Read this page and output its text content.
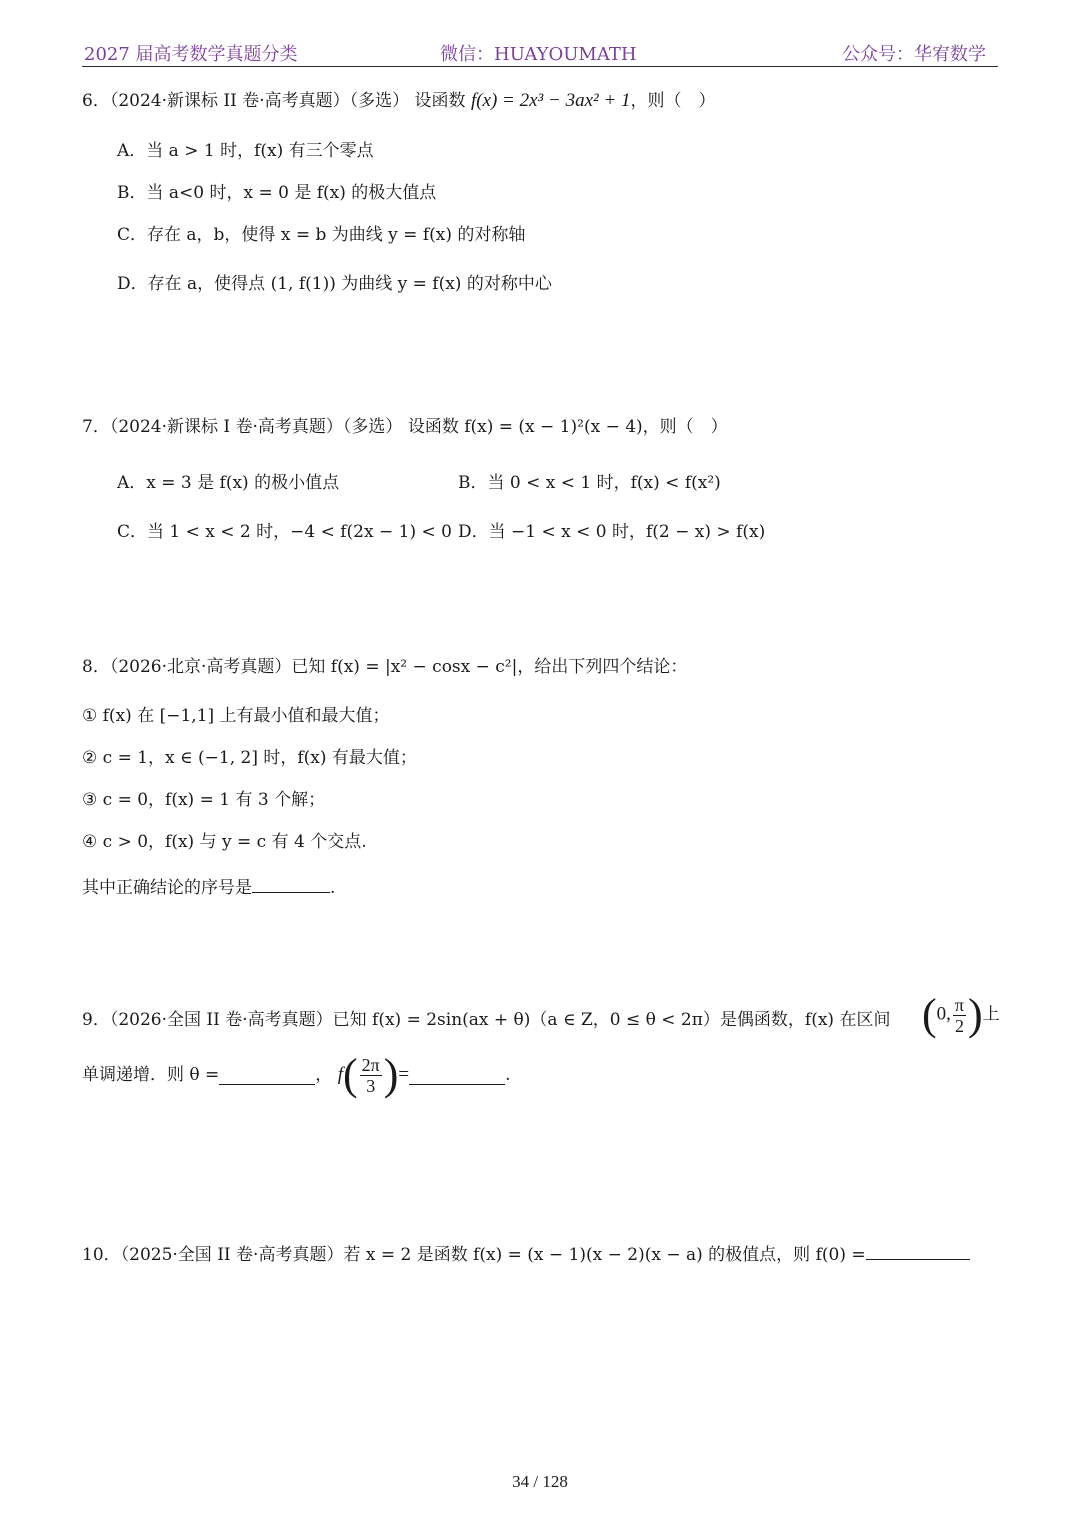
2027 届高考数学真题分类	微信：HUAYOUMATH	公众号：华宥数学
6．（2024·新课标 II 卷·高考真题）（多选） 设函数 f(x) = 2x³ − 3ax² + 1，则（　）
A．当 a > 1 时，f(x) 有三个零点
B．当 a<0 时，x = 0 是 f(x) 的极大值点
C．存在 a，b，使得 x = b 为曲线 y = f(x) 的对称轴
D．存在 a，使得点 (1, f(1)) 为曲线 y = f(x) 的对称中心
7．（2024·新课标 I 卷·高考真题）（多选） 设函数 f(x) = (x − 1)²(x − 4)，则（　）
A．x = 3 是 f(x) 的极小值点	B．当 0 < x < 1 时，f(x) < f(x²)
C．当 1 < x < 2 时，−4 < f(2x − 1) < 0 D．当 −1 < x < 0 时，f(2 − x) > f(x)
8．（2026·北京·高考真题）已知 f(x) = |x² − cosx − c²|，给出下列四个结论：
① f(x) 在 [−1,1] 上有最小值和最大值；
② c = 1，x ∈ (−1, 2] 时，f(x) 有最大值；
③ c = 0，f(x) = 1 有 3 个解；
④ c > 0，f(x) 与 y = c 有 4 个交点.
其中正确结论的序号是	.
9．（2026·全国 II 卷·高考真题）已知 f(x) = 2sin(ax + θ)（a ∈ Z，0 ≤ θ < 2π）是偶函数，f(x) 在区间 (0, $\frac{\pi}{2}$ )上
单调递增．则 θ =	， $f( \frac{2\pi}{3}$ )=	.
10．（2025·全国 II 卷·高考真题）若 x = 2 是函数 f(x) = (x − 1)(x − 2)(x − a) 的极值点，则 f(0) =
34 / 128
